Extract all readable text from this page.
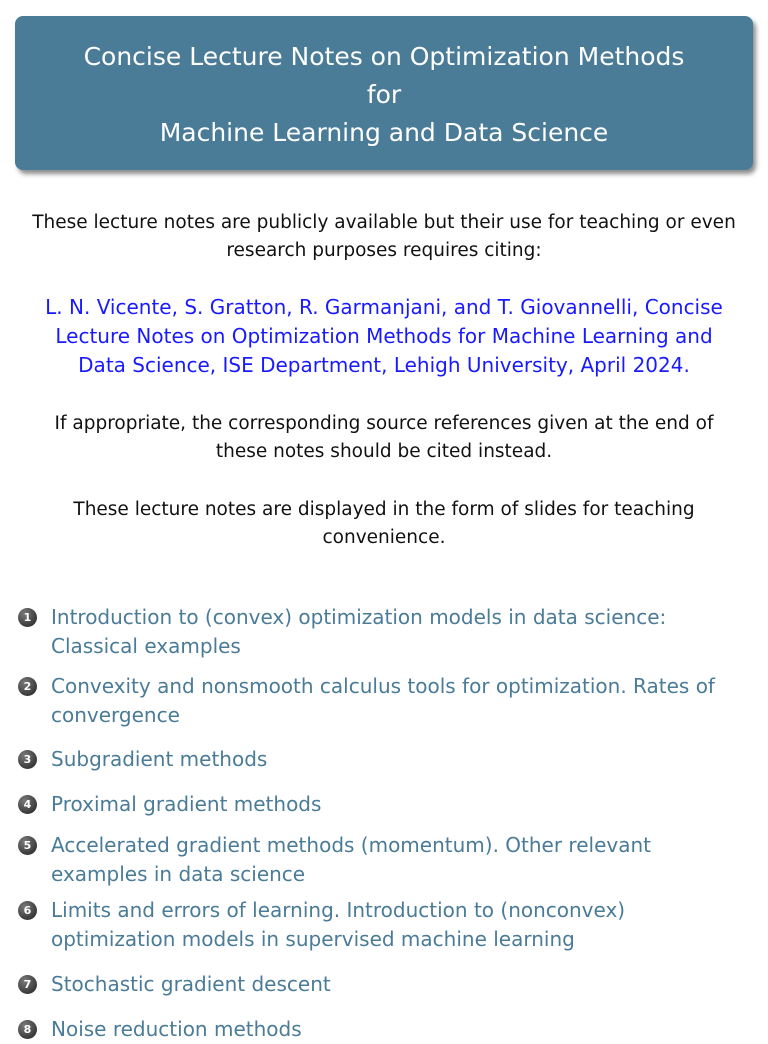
Concise Lecture Notes on Optimization Methods
for
Machine Learning and Data Science

These lecture notes are publicly available but their use for teaching or even research purposes requires citing:

L. N. Vicente, S. Gratton, R. Garmanjani, and T. Giovannelli, Concise Lecture Notes on Optimization Methods for Machine Learning and Data Science, ISE Department, Lehigh University, April 2024.

If appropriate, the corresponding source references given at the end of these notes should be cited instead.

These lecture notes are displayed in the form of slides for teaching convenience.

1 Introduction to (convex) optimization models in data science: Classical examples
2 Convexity and nonsmooth calculus tools for optimization. Rates of convergence
3 Subgradient methods
4 Proximal gradient methods
5 Accelerated gradient methods (momentum). Other relevant examples in data science
6 Limits and errors of learning. Introduction to (nonconvex) optimization models in supervised machine learning
7 Stochastic gradient descent
8 Noise reduction methods
